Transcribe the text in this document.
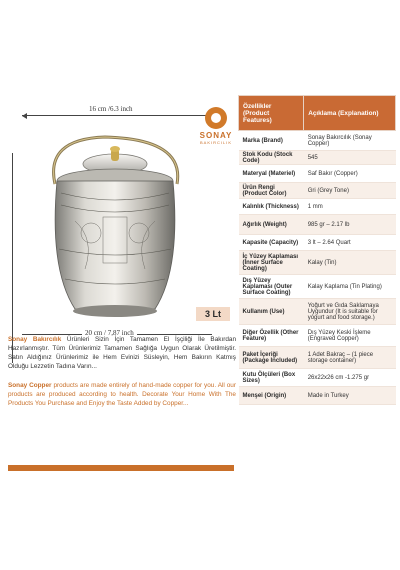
16 cm /6.3 inch
SONAY
BAKIRCILIK
3 Lt
20 cm / 7,87 inch
Sonay Bakırcılık Ürünleri Sizin İçin Tamamen El İşçiliği İle Bakırdan Hazırlanmıştır. Tüm Ürünlerimiz Tamamen Sağlığa Uygun Olarak Üretilmiştir. Satın Aldığınız Ürünlerimiz ile Hem Evinizi Süsleyin, Hem Bakırın Katmış Olduğu Lezzetin Tadına Varın...
Sonay Copper products are made entirely of hand-made copper for you. All our products are produced according to health. Decorate Your Home With The Products You Purchase and Enjoy the Taste Added by Copper...
Özellikler (Product Features)	Açıklama (Explanation)
Marka (Brand)	Sonay Bakırcılık (Sonay Copper)
Stok Kodu (Stock Code)	545
Materyal (Materiel)	Saf Bakır (Copper)
Ürün Rengi (Product Color)	Gri (Grey Tone)
Kalınlık (Thickness)	1 mm
Ağırlık (Weight)	985 gr – 2.17 lb
Kapasite (Capacity)	3 lt – 2.64 Quart
İç Yüzey Kaplaması (Inner Surface Coating)	Kalay (Tin)
Dış Yüzey Kaplaması (Outer Surface Coating)	Kalay Kaplama (Tin Plating)
Kullanım (Use)	Yoğurt ve Gıda Saklamaya Uygundur (It is suitable for yogurt and food storage.)
Diğer Özellik (Other Feature)	Dış Yüzey Keski İşleme (Engraved Copper)
Paket İçeriği (Package Included)	1 Adet Bakraç – (1 piece storage container)
Kutu Ölçüleri (Box Sizes)	26x22x26 cm -1.275 gr
Menşei (Origin)	Made in Turkey
